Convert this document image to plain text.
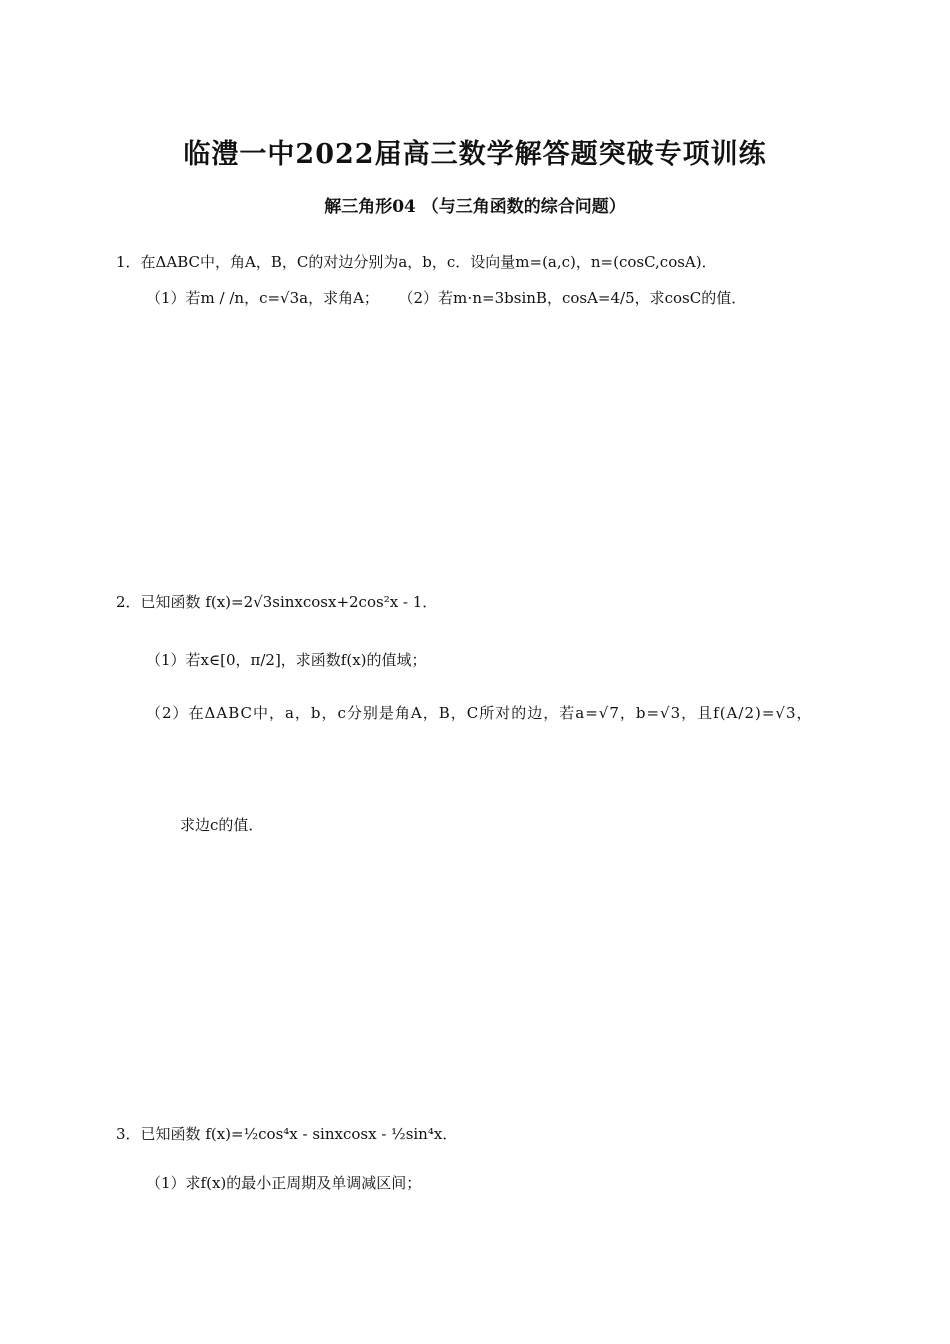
临澧一中2022届高三数学解答题突破专项训练
解三角形04 （与三角函数的综合问题）
1．在ΔABC中，角A，B，C的对边分别为a，b，c．设向量m=(a,c)，n=(cosC,cosA)．
（1）若m / /n，c=√3a，求角A； （2）若m⋅n=3bsinB，cosA=4/5，求cosC的值．
2．已知函数 f(x)=2√3sinxcosx+2cos²x - 1．
（1）若x∈[0，π/2]，求函数f(x)的值域；
（2）在ΔABC中，a，b，c分别是角A，B，C所对的边，若a=√7，b=√3，且f(A/2)=√3，
求边c的值．
3．已知函数 f(x)=½cos⁴x - sinxcosx - ½sin⁴x．
（1）求f(x)的最小正周期及单调减区间；
